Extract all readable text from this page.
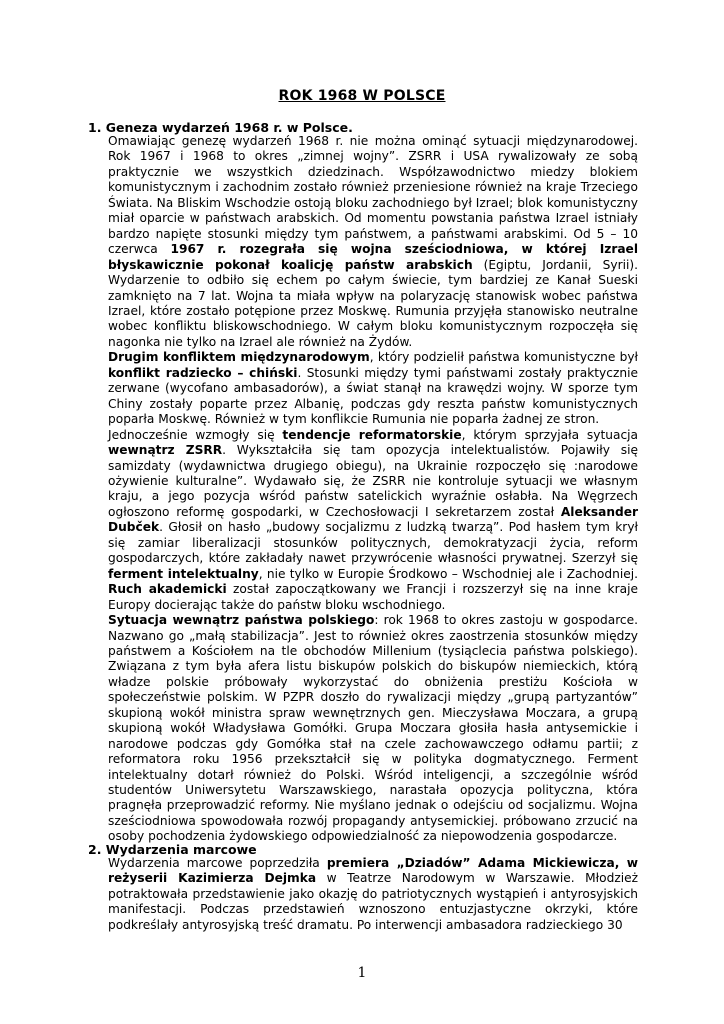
ROK 1968 W POLSCE
1. Geneza wydarzeń 1968 r. w Polsce.

Omawiając genezę wydarzeń 1968 r. nie można ominąć sytuacji międzynarodowej. Rok 1967 i 1968 to okres „zimnej wojny”. ZSRR i USA rywalizowały ze sobą praktycznie we wszystkich dziedzinach. Współzawodnictwo miedzy blokiem komunistycznym i zachodnim zostało również przeniesione również na kraje Trzeciego Świata. Na Bliskim Wschodzie ostoją bloku zachodniego był Izrael; blok komunistyczny miał oparcie w państwach arabskich. Od momentu powstania państwa Izrael istniały bardzo napięte stosunki między tym państwem, a państwami arabskimi. Od 5 – 10 czerwca 1967 r. rozegrała się wojna sześciodniowa, w której Izrael błyskawicznie pokonał koalicję państw arabskich (Egiptu, Jordanii, Syrii). Wydarzenie to odbiło się echem po całym świecie, tym bardziej ze Kanał Sueski zamknięto na 7 lat. Wojna ta miała wpływ na polaryzację stanowisk wobec państwa Izrael, które zostało potępione przez Moskwę. Rumunia przyjęła stanowisko neutralne wobec konfliktu bliskowschodniego. W całym bloku komunistycznym rozpoczęła się nagonka nie tylko na Izrael ale również na Żydów.

Drugim konfliktem międzynarodowym, który podzielił państwa komunistyczne był konflikt radziecko – chiński. Stosunki między tymi państwami zostały praktycznie zerwane (wycofano ambasadorów), a świat stanął na krawędzi wojny. W sporze tym Chiny zostały poparte przez Albanię, podczas gdy reszta państw komunistycznych poparła Moskwę. Również w tym konflikcie Rumunia nie poparła żadnej ze stron.

Jednocześnie wzmogły się tendencje reformatorskie, którym sprzyjała sytuacja wewnątrz ZSRR. Wykształciła się tam opozycja intelektualistów. Pojawiły się samizdaty (wydawnictwa drugiego obiegu), na Ukrainie rozpoczęło się :narodowe ożywienie kulturalne”. Wydawało się, że ZSRR nie kontroluje sytuacji we własnym kraju, a jego pozycja wśród państw satelickich wyraźnie osłabła. Na Węgrzech ogłoszono reformę gospodarki, w Czechosłowacji I sekretarzem został Aleksander Dubček. Głosił on hasło „budowy socjalizmu z ludzką twarzą”. Pod hasłem tym krył się zamiar liberalizacji stosunków politycznych, demokratyzacji życia, reform gospodarczych, które zakładały nawet przywrócenie własności prywatnej. Szerzył się ferment intelektualny, nie tylko w Europie Środkowo – Wschodniej ale i Zachodniej. Ruch akademicki został zapoczątkowany we Francji i rozszerzył się na inne kraje Europy docierając także do państw bloku wschodniego.

Sytuacja wewnątrz państwa polskiego: rok 1968 to okres zastoju w gospodarce. Nazwano go „małą stabilizacja”. Jest to również okres zaostrzenia stosunków między państwem a Kościołem na tle obchodów Millenium (tysiąclecia państwa polskiego). Związana z tym była afera listu biskupów polskich do biskupów niemieckich, którą władze polskie próbowały wykorzystać do obniżenia prestiżu Kościoła w społeczeństwie polskim. W PZPR doszło do rywalizacji między „grupą partyzantów” skupioną wokół ministra spraw wewnętrznych gen. Mieczysława Moczara, a grupą skupioną wokół Władysława Gomółki. Grupa Moczara głosiła hasła antysemickie i narodowe podczas gdy Gomółka stał na czele zachowawczego odłamu partii; z reformatora roku 1956 przekształcił się w polityka dogmatycznego. Ferment intelektualny dotarł również do Polski. Wśród inteligencji, a szczególnie wśród studentów Uniwersytetu Warszawskiego, narastała opozycja polityczna, która pragnęła przeprowadzić reformy. Nie myślano jednak o odejściu od socjalizmu. Wojna sześciodniowa spowodowała rozwój propagandy antysemickiej. próbowano zrzucić na osoby pochodzenia żydowskiego odpowiedzialność za niepowodzenia gospodarcze.

2. Wydarzenia marcowe

Wydarzenia marcowe poprzedziła premiera „Dziadów” Adama Mickiewicza, w reżyserii Kazimierza Dejmka w Teatrze Narodowym w Warszawie. Młodzież potraktowała przedstawienie jako okazję do patriotycznych wystąpień i antyrosyjskich manifestacji. Podczas przedstawień wznoszono entuzjastyczne okrzyki, które podkreślały antyrosyjską treść dramatu. Po interwencji ambasadora radzieckiego 30

1
